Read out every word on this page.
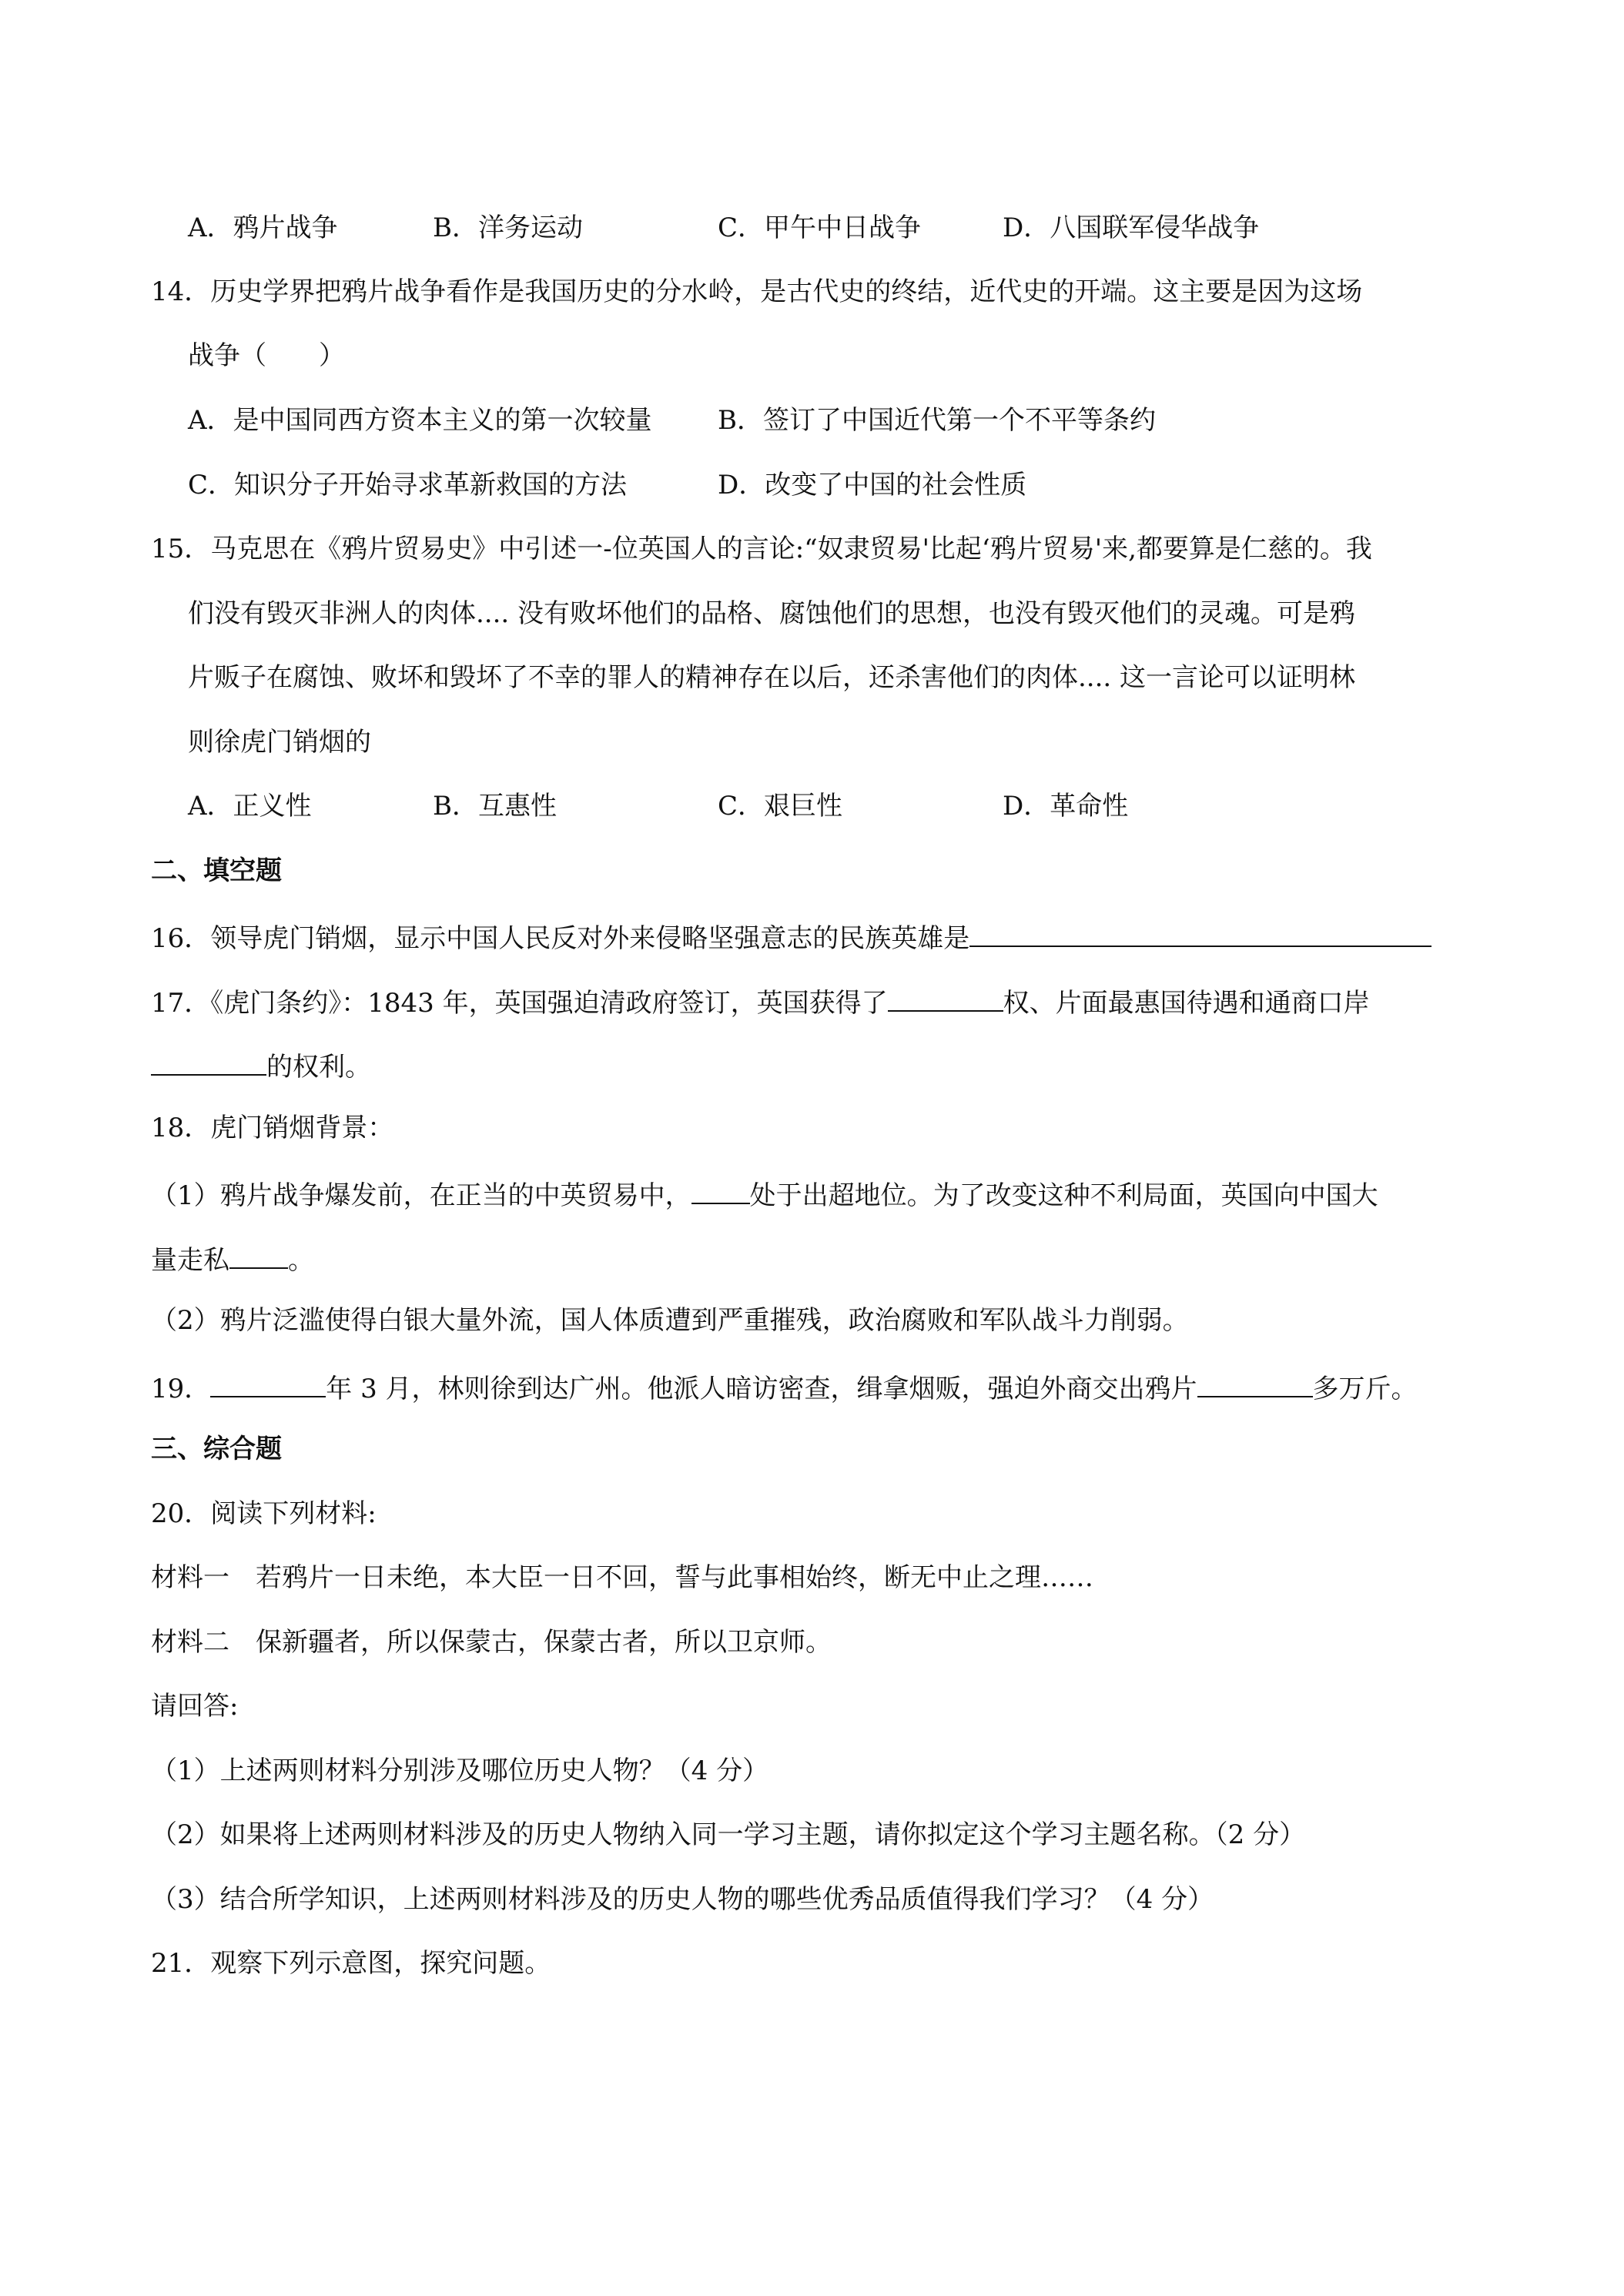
A．鸦片战争	B．洋务运动	C．甲午中日战争	D．八国联军侵华战争
14．历史学界把鸦片战争看作是我国历史的分水岭，是古代史的终结，近代史的开端。这主要是因为这场
战争（　　）
A．是中国同西方资本主义的第一次较量	B．签订了中国近代第一个不平等条约
C．知识分子开始寻求革新救国的方法	D．改变了中国的社会性质
15．马克思在《鸦片贸易史》中引述一-位英国人的言论:“奴隶贸易'比起‘鸦片贸易'来,都要算是仁慈的。我
们没有毁灭非洲人的肉体.... 没有败坏他们的品格、腐蚀他们的思想，也没有毁灭他们的灵魂。可是鸦
片贩子在腐蚀、败坏和毁坏了不幸的罪人的精神存在以后，还杀害他们的肉体.... 这一言论可以证明林
则徐虎门销烟的
A．正义性	B．互惠性	C．艰巨性	D．革命性
二、填空题
16．领导虎门销烟，显示中国人民反对外来侵略坚强意志的民族英雄是
17．《虎门条约》：1843 年，英国强迫清政府签订，英国获得了	权、片面最惠国待遇和通商口岸
的权利。
18．虎门销烟背景：
（1）鸦片战争爆发前，在正当的中英贸易中， 处于出超地位。为了改变这种不利局面，英国向中国大
量走私 。
（2）鸦片泛滥使得白银大量外流，国人体质遭到严重摧残，政治腐败和军队战斗力削弱。
19．	年 3 月，林则徐到达广州。他派人暗访密查，缉拿烟贩，强迫外商交出鸦片	多万斤。
三、综合题
20．阅读下列材料:
材料一　若鸦片一日未绝，本大臣一日不回，誓与此事相始终，断无中止之理……
材料二　保新疆者，所以保蒙古，保蒙古者，所以卫京师。
请回答:
（1）上述两则材料分别涉及哪位历史人物？（4 分）
（2）如果将上述两则材料涉及的历史人物纳入同一学习主题，请你拟定这个学习主题名称。（2 分）
（3）结合所学知识，上述两则材料涉及的历史人物的哪些优秀品质值得我们学习？（4 分）
21．观察下列示意图，探究问题。
